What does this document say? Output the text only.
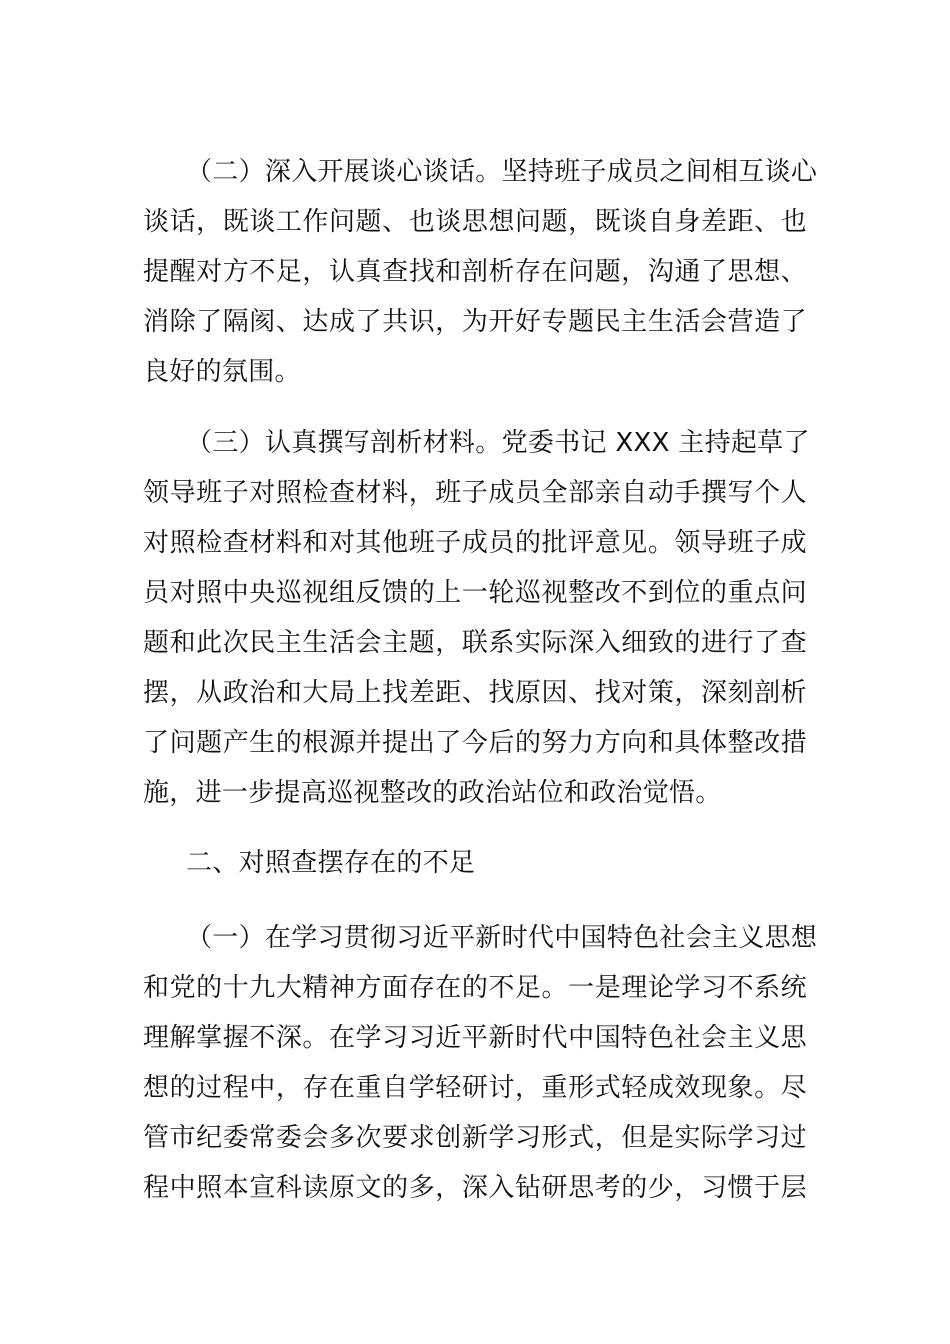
（二）深入开展谈心谈话。坚持班子成员之间相互谈心
谈话，既谈工作问题、也谈思想问题，既谈自身差距、也
提醒对方不足，认真查找和剖析存在问题，沟通了思想、
消除了隔阂、达成了共识，为开好专题民主生活会营造了
良好的氛围。
（三）认真撰写剖析材料。党委书记 XXX 主持起草了
领导班子对照检查材料，班子成员全部亲自动手撰写个人
对照检查材料和对其他班子成员的批评意见。领导班子成
员对照中央巡视组反馈的上一轮巡视整改不到位的重点问
题和此次民主生活会主题，联系实际深入细致的进行了查
摆，从政治和大局上找差距、找原因、找对策，深刻剖析
了问题产生的根源并提出了今后的努力方向和具体整改措
施，进一步提高巡视整改的政治站位和政治觉悟。
二、对照查摆存在的不足
（一）在学习贯彻习近平新时代中国特色社会主义思想
和党的十九大精神方面存在的不足。一是理论学习不系统
理解掌握不深。在学习习近平新时代中国特色社会主义思
想的过程中，存在重自学轻研讨，重形式轻成效现象。尽
管市纪委常委会多次要求创新学习形式，但是实际学习过
程中照本宣科读原文的多，深入钻研思考的少，习惯于层
